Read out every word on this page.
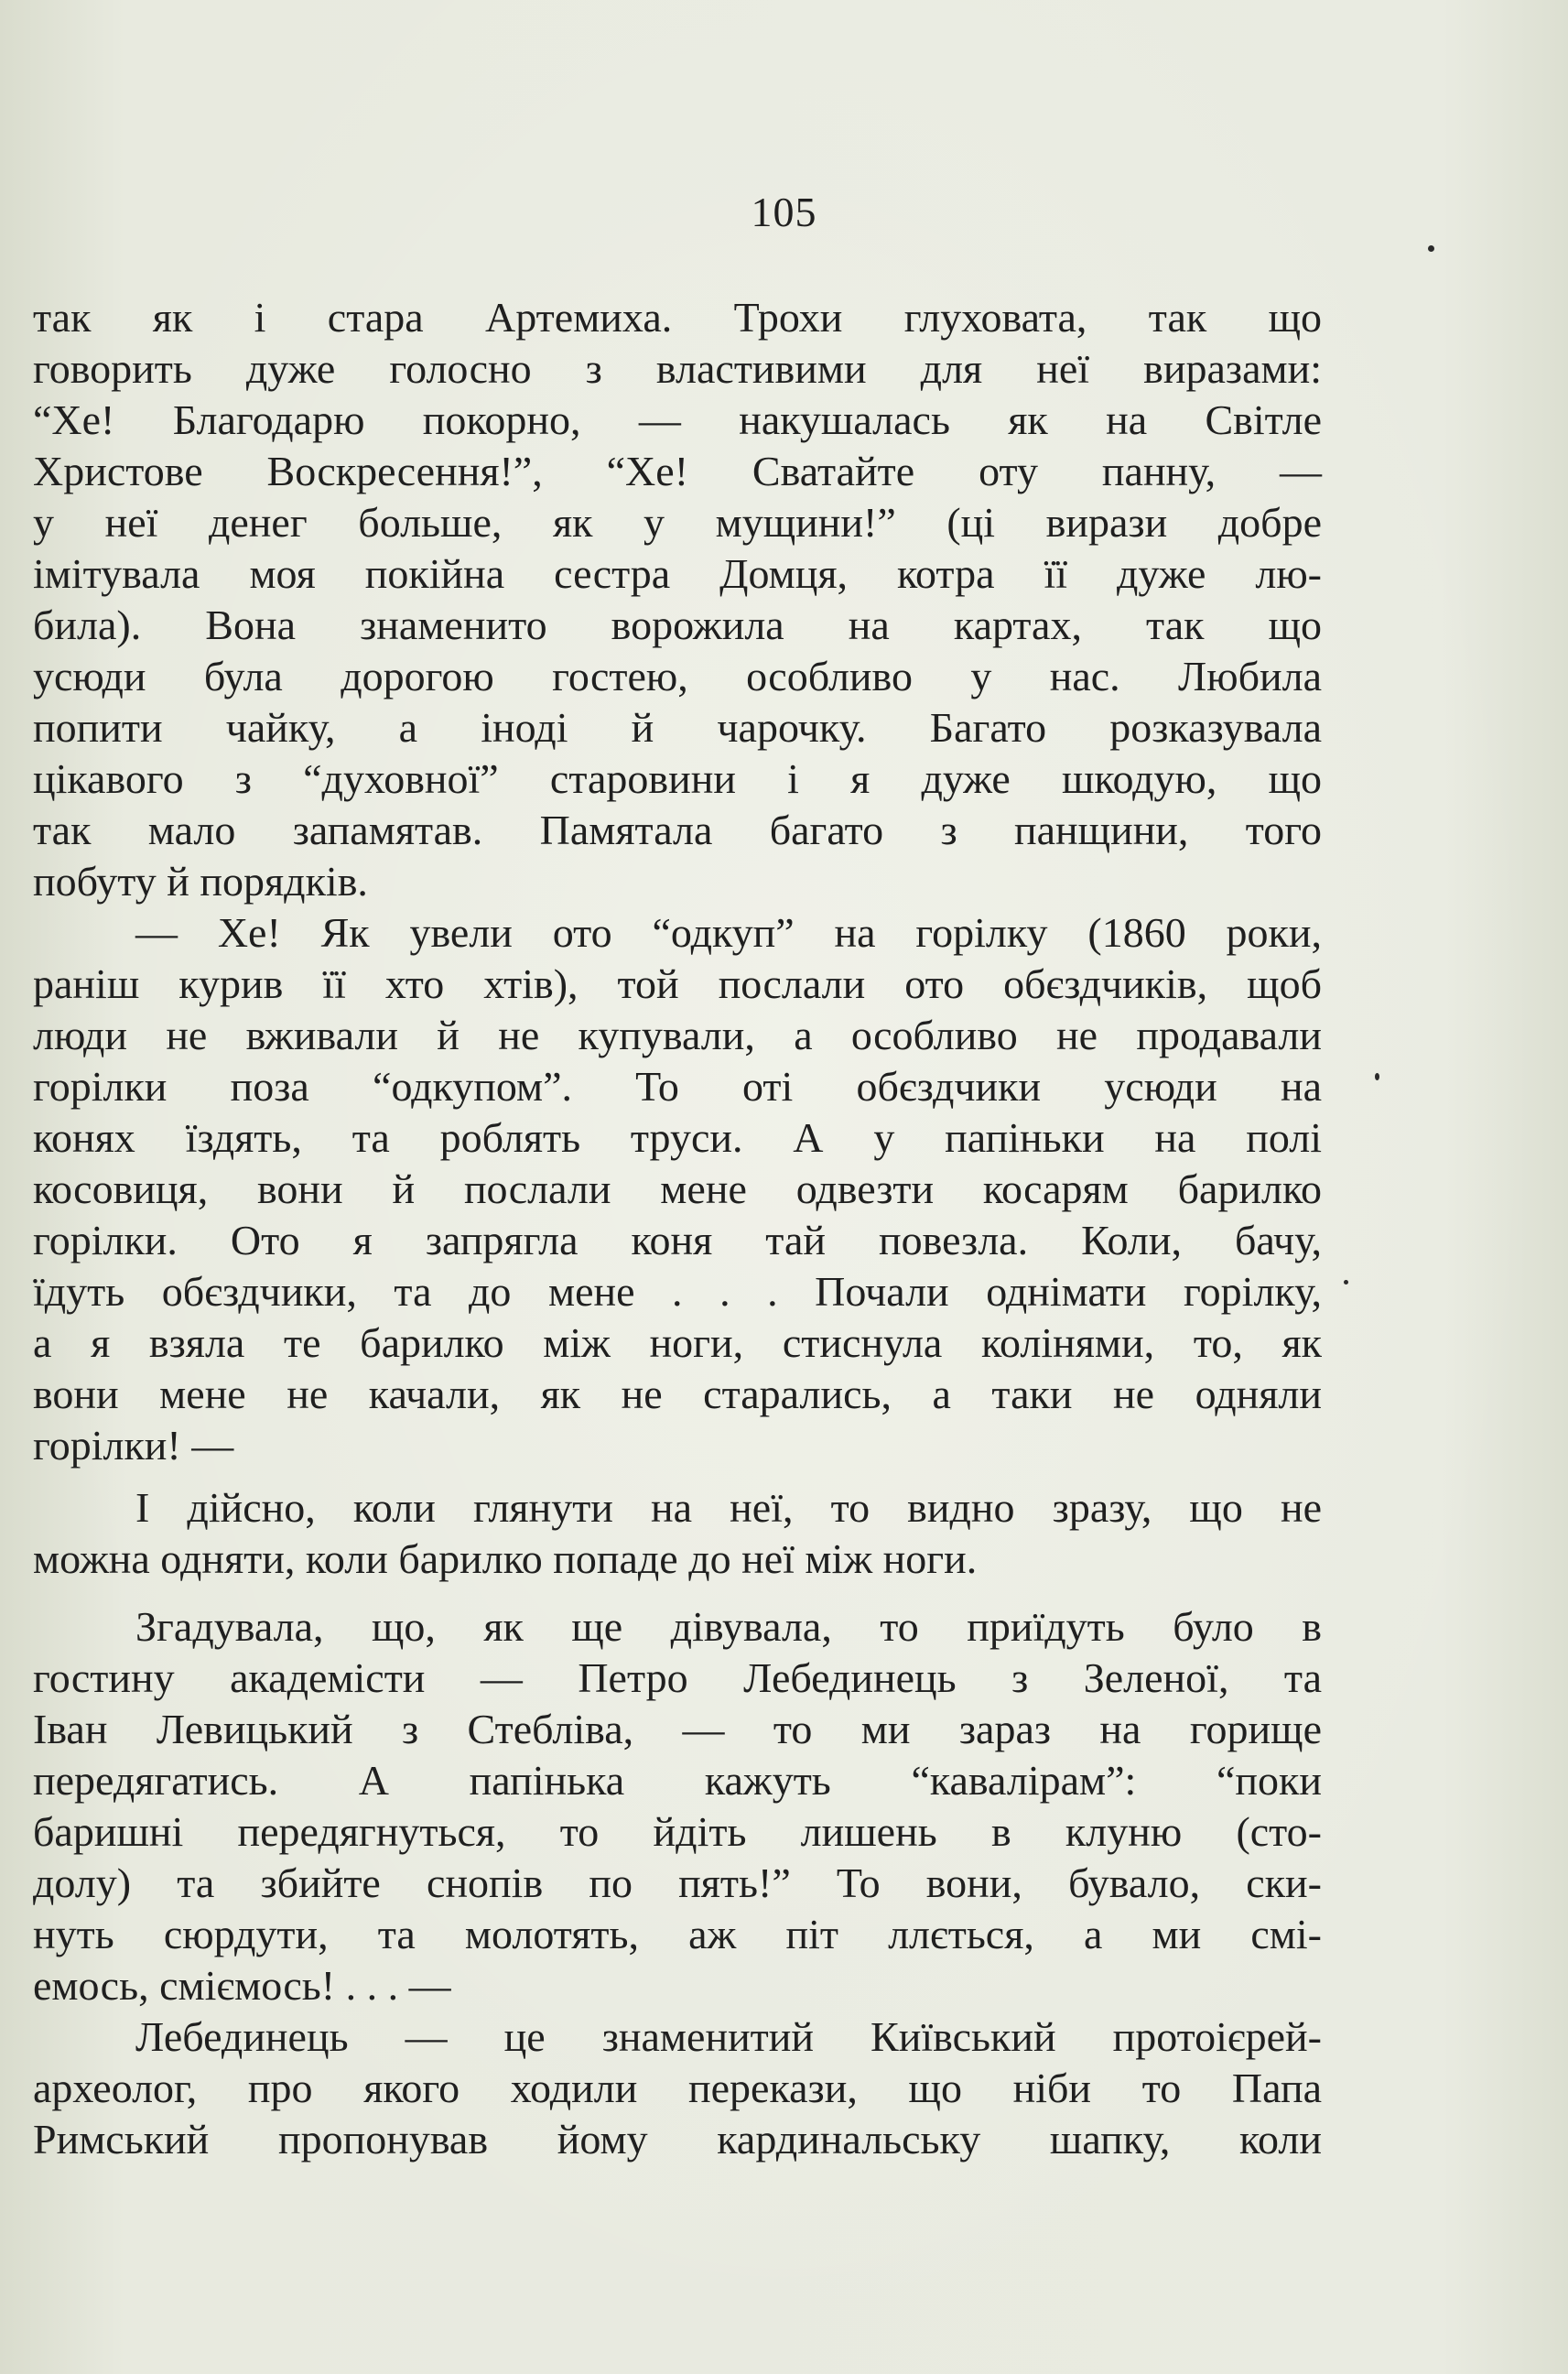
105
так як і стара Артемиха. Трохи глуховата, так що
говорить дуже голосно з властивими для неї виразами:
“Хе! Благодарю покорно, — накушалась як на Світле
Христове Воскресення!”, “Хе! Сватайте оту панну, —
у неї денег больше, як у мущини!” (ці вирази добре
імітувала моя покійна сестра Домця, котра її дуже лю-
била). Вона знаменито ворожила на картах, так що
усюди була дорогою гостею, особливо у нас. Любила
попити чайку, а іноді й чарочку. Багато розказувала
цікавого з “духовної” старовини і я дуже шкодую, що
так мало запамятав. Памятала багато з панщини, того
побуту й порядків.
— Хе! Як увели ото “одкуп” на горілку (1860 роки,
раніш курив її хто хтів), той послали ото обєздчиків, щоб
люди не вживали й не купували, а особливо не продавали
горілки поза “одкупом”. То оті обєздчики усюди на
конях їздять, та роблять труси. А у папіньки на полі
косовиця, вони й послали мене одвезти косарям барилко
горілки. Ото я запрягла коня тай повезла. Коли, бачу,
їдуть обєздчики, та до мене . . . Почали однімати горілку,
а я взяла те барилко між ноги, стиснула колінями, то, як
вони мене не качали, як не старались, а таки не одняли
горілки! —
І дійсно, коли глянути на неї, то видно зразу, що не
можна одняти, коли барилко попаде до неї між ноги.
Згадувала, що, як ще дівувала, то приїдуть було в
гостину академісти — Петро Лебединець з Зеленої, та
Іван Левицький з Стеблiва, — то ми зараз на горище
передягатись. А папінька кажуть “кавалірам”: “поки
баришні передягнуться, то йдіть лишень в клуню (сто-
долу) та збийте снопів по пять!” То вони, бувало, ски-
нуть сюрдути, та молотять, аж піт ллється, а ми смі-
емось, сміємось! . . . —
Лебединець — це знаменитий Київський протоієрей-
археолог, про якого ходили перекази, що ніби то Папа
Римський пропонував йому кардинальську шапку, коли
